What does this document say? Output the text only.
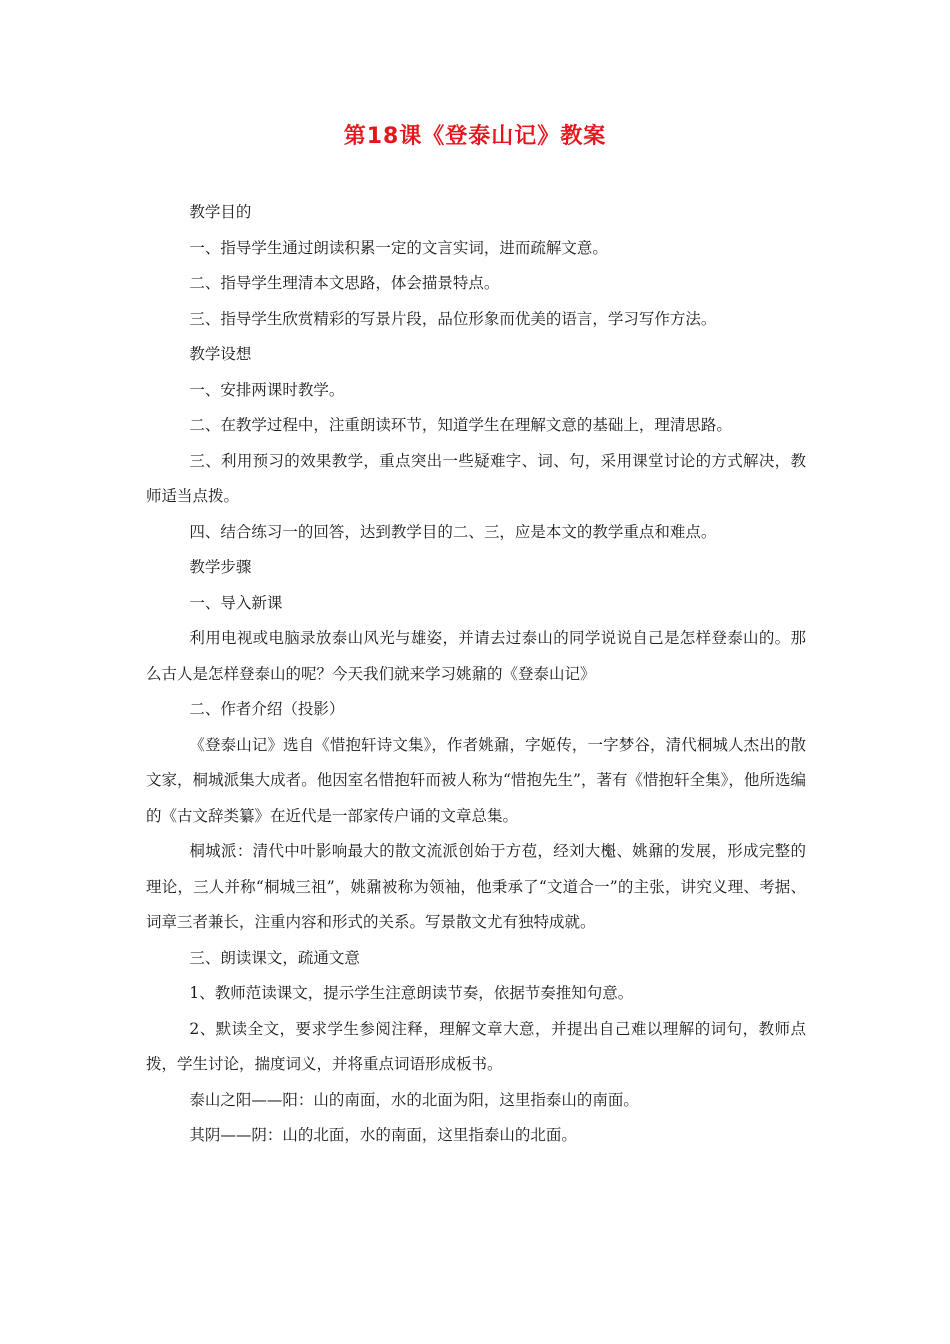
第18课《登泰山记》教案

教学目的

一、指导学生通过朗读积累一定的文言实词，进而疏解文意。

二、指导学生理清本文思路，体会描景特点。

三、指导学生欣赏精彩的写景片段，品位形象而优美的语言，学习写作方法。

教学设想

一、安排两课时教学。

二、在教学过程中，注重朗读环节，知道学生在理解文意的基础上，理清思路。

三、利用预习的效果教学，重点突出一些疑难字、词、句，采用课堂讨论的方式解决，教师适当点拨。

四、结合练习一的回答，达到教学目的二、三，应是本文的教学重点和难点。

教学步骤

一、导入新课

利用电视或电脑录放泰山风光与雄姿，并请去过泰山的同学说说自己是怎样登泰山的。那么古人是怎样登泰山的呢？今天我们就来学习姚鼐的《登泰山记》

二、作者介绍（投影）

《登泰山记》选自《惜抱轩诗文集》，作者姚鼐，字姬传，一字梦谷，清代桐城人杰出的散文家，桐城派集大成者。他因室名惜抱轩而被人称为“惜抱先生”，著有《惜抱轩全集》，他所选编的《古文辞类纂》在近代是一部家传户诵的文章总集。

桐城派：清代中叶影响最大的散文流派创始于方苞，经刘大櫆、姚鼐的发展，形成完整的理论，三人并称“桐城三祖”，姚鼐被称为领袖，他秉承了“文道合一”的主张，讲究义理、考据、词章三者兼长，注重内容和形式的关系。写景散文尤有独特成就。

三、朗读课文，疏通文意

1、教师范读课文，提示学生注意朗读节奏，依据节奏推知句意。

2、默读全文，要求学生参阅注释，理解文章大意，并提出自己难以理解的词句，教师点拨，学生讨论，揣度词义，并将重点词语形成板书。

泰山之阳——阳：山的南面，水的北面为阳，这里指泰山的南面。

其阴——阴：山的北面，水的南面，这里指泰山的北面。
